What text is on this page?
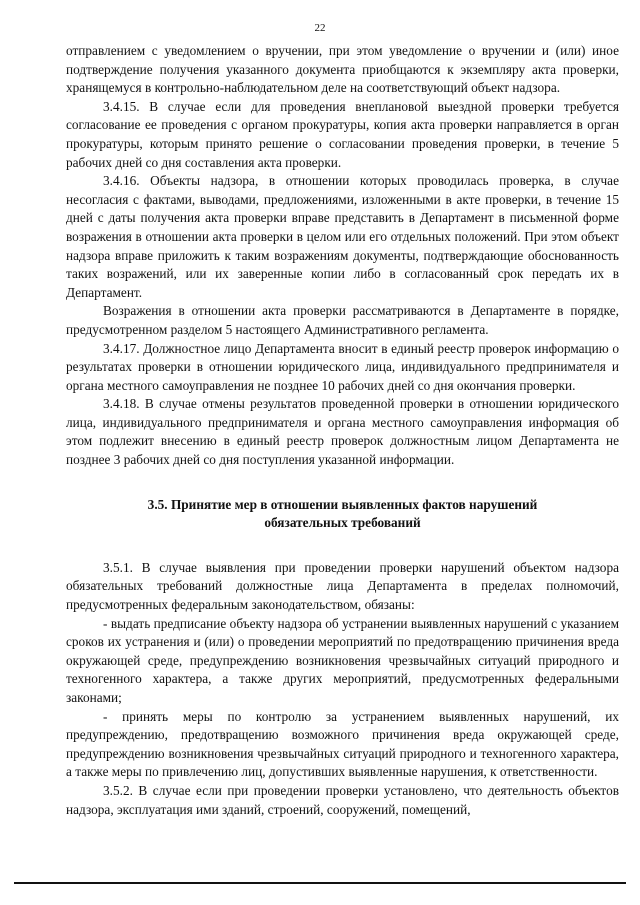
22

отправлением с уведомлением о вручении, при этом уведомление о вручении и (или) иное подтверждение получения указанного документа приобщаются к экземпляру акта проверки, хранящемуся в контрольно-наблюдательном деле на соответствующий объект надзора.

3.4.15. В случае если для проведения внеплановой выездной проверки требуется согласование ее проведения с органом прокуратуры, копия акта проверки направляется в орган прокуратуры, которым принято решение о согласовании проведения проверки, в течение 5 рабочих дней со дня составления акта проверки.

3.4.16. Объекты надзора, в отношении которых проводилась проверка, в случае несогласия с фактами, выводами, предложениями, изложенными в акте проверки, в течение 15 дней с даты получения акта проверки вправе представить в Департамент в письменной форме возражения в отношении акта проверки в целом или его отдельных положений. При этом объект надзора вправе приложить к таким возражениям документы, подтверждающие обоснованность таких возражений, или их заверенные копии либо в согласованный срок передать их в Департамент.

Возражения в отношении акта проверки рассматриваются в Департаменте в порядке, предусмотренном разделом 5 настоящего Административного регламента.

3.4.17. Должностное лицо Департамента вносит в единый реестр проверок информацию о результатах проверки в отношении юридического лица, индивидуального предпринимателя и органа местного самоуправления не позднее 10 рабочих дней со дня окончания проверки.

3.4.18. В случае отмены результатов проведенной проверки в отношении юридического лица, индивидуального предпринимателя и органа местного самоуправления информация об этом подлежит внесению в единый реестр проверок должностным лицом Департамента не позднее 3 рабочих дней со дня поступления указанной информации.

3.5. Принятие мер в отношении выявленных фактов нарушений
обязательных требований

3.5.1. В случае выявления при проведении проверки нарушений объектом надзора обязательных требований должностные лица Департамента в пределах полномочий, предусмотренных федеральным законодательством, обязаны:

- выдать предписание объекту надзора об устранении выявленных нарушений с указанием сроков их устранения и (или) о проведении мероприятий по предотвращению причинения вреда окружающей среде, предупреждению возникновения чрезвычайных ситуаций природного и техногенного характера, а также других мероприятий, предусмотренных федеральными законами;

- принять меры по контролю за устранением выявленных нарушений, их предупреждению, предотвращению возможного причинения вреда окружающей среде, предупреждению возникновения чрезвычайных ситуаций природного и техногенного характера, а также меры по привлечению лиц, допустивших выявленные нарушения, к ответственности.

3.5.2. В случае если при проведении проверки установлено, что деятельность объектов надзора, эксплуатация ими зданий, строений, сооружений, помещений,
